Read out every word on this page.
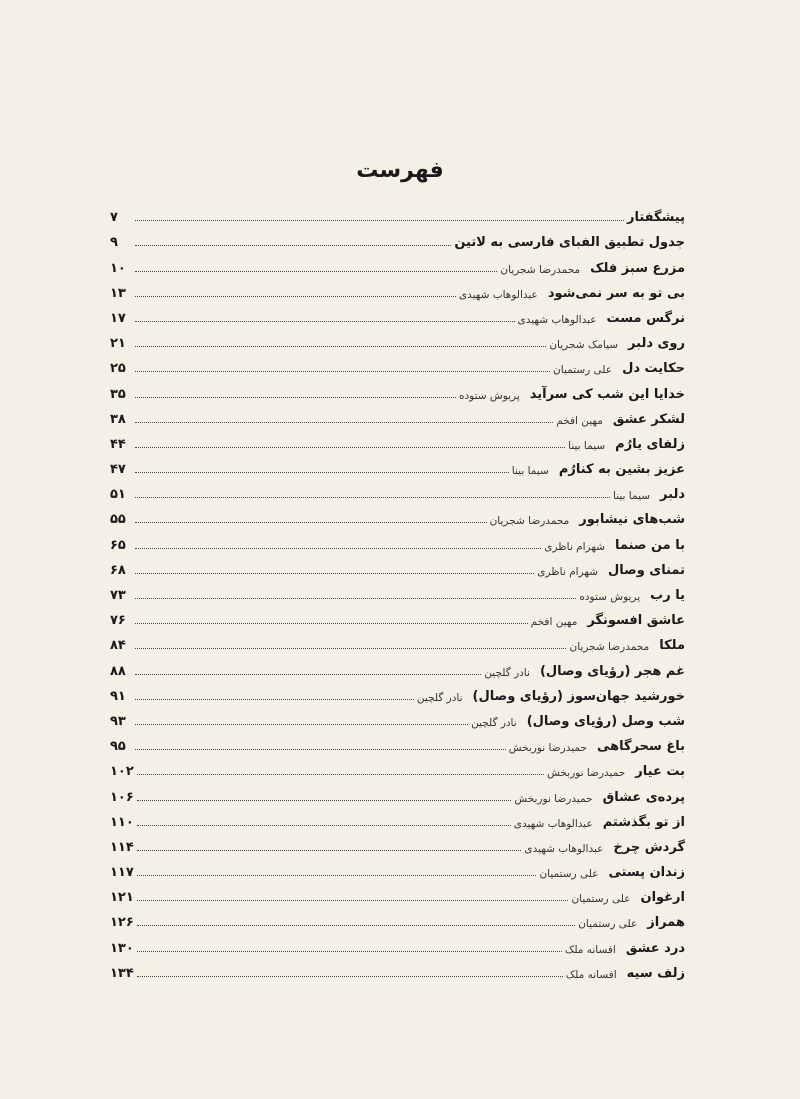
فهرست
پیشگفتار
۷
جدول تطبیق الفبای فارسی به لاتین
۹
مزرع سبز فلک
محمدرضا شجریان
۱۰
بی تو به سر نمی‌شود
عبدالوهاب شهیدی
۱۳
نرگس مست
عبدالوهاب شهیدی
۱۷
روی دلبر
سیامک شجریان
۲۱
حکایت دل
علی رستمیان
۲۵
خدایا این شب کی سرآید
پریوش ستوده
۳۵
لشکر عشق
مهین افخم
۳۸
زلفای یارُم
سیما بینا
۴۴
عزیز بشین به کنارُم
سیما بینا
۴۷
دلبر
سیما بینا
۵۱
شب‌های نیشابور
محمدرضا شجریان
۵۵
با من صنما
شهرام ناظری
۶۵
تمنای وصال
شهرام ناظری
۶۸
یا رب
پریوش ستوده
۷۳
عاشق افسونگر
مهین افخم
۷۶
ملکا
محمدرضا شجریان
۸۴
غم هجر (رؤیای وصال)
نادر گلچین
۸۸
خورشید جهان‌سوز (رؤیای وصال)
نادر گلچین
۹۱
شب وصل (رؤیای وصال)
نادر گلچین
۹۳
باغ سحرگاهی
حمیدرضا نوربخش
۹۵
بت عیار
حمیدرضا نوربخش
۱۰۲
پرده‌ی عشاق
حمیدرضا نوربخش
۱۰۶
از تو بگذشتم
عبدالوهاب شهیدی
۱۱۰
گردش چرخ
عبدالوهاب شهیدی
۱۱۴
زندان پستی
علی رستمیان
۱۱۷
ارغوان
علی رستمیان
۱۲۱
همراز
علی رستمیان
۱۲۶
درد عشق
افسانه ملک
۱۳۰
زلف سیه
افسانه ملک
۱۳۴
